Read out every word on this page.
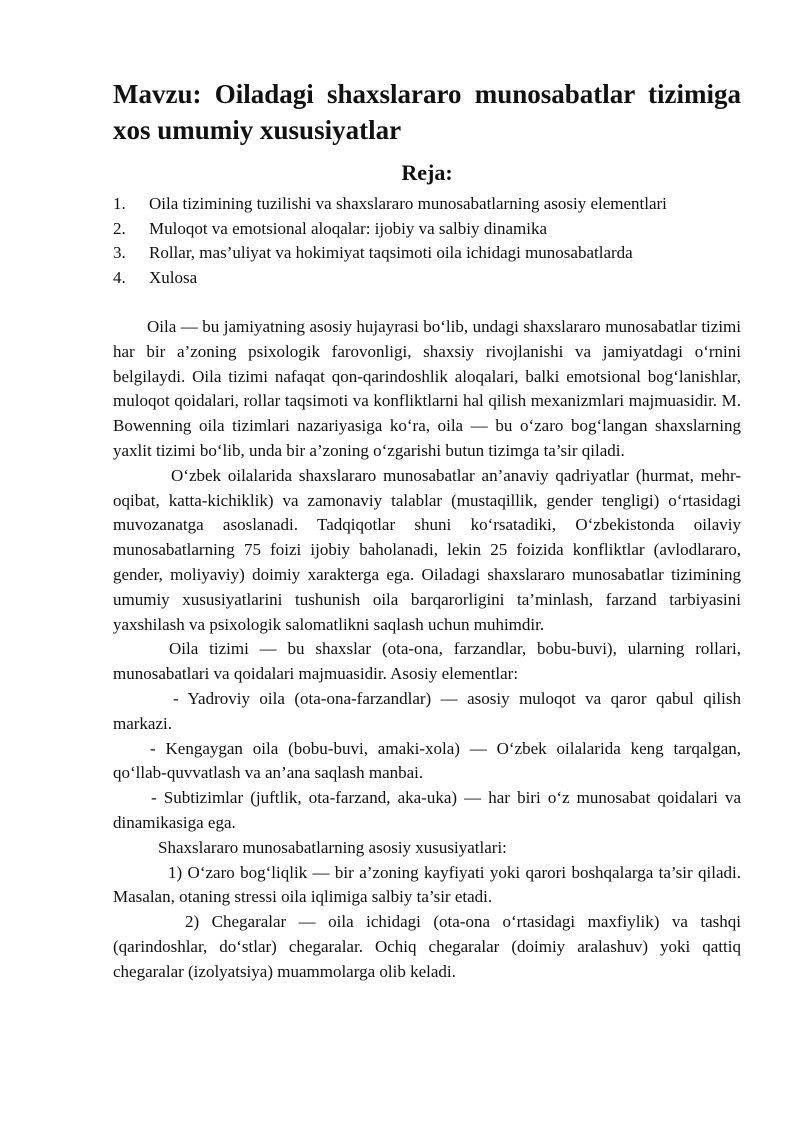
Mavzu: Oiladagi shaxslararo munosabatlar tizimiga xos umumiy xususiyatlar
Reja:
1. Oila tizimining tuzilishi va shaxslararo munosabatlarning asosiy elementlari
2. Muloqot va emotsional aloqalar: ijobiy va salbiy dinamika
3. Rollar, mas’uliyat va hokimiyat taqsimoti oila ichidagi munosabatlarda
4. Xulosa

Oila — bu jamiyatning asosiy hujayrasi bo‘lib, undagi shaxslararo munosabatlar tizimi har bir a’zoning psixologik farovonligi, shaxsiy rivojlanishi va jamiyatdagi o‘rnini belgilaydi. Oila tizimi nafaqat qon-qarindoshlik aloqalari, balki emotsional bog‘lanishlar, muloqot qoidalari, rollar taqsimoti va konfliktlarni hal qilish mexanizmlari majmuasidir. M. Bowenning oila tizimlari nazariyasiga ko‘ra, oila — bu o‘zaro bog‘langan shaxslarning yaxlit tizimi bo‘lib, unda bir a’zoning o‘zgarishi butun tizimga ta’sir qiladi.

O‘zbek oilalarida shaxslararo munosabatlar an’anaviy qadriyatlar (hurmat, mehr-oqibat, katta-kichiklik) va zamonaviy talablar (mustaqillik, gender tengligi) o‘rtasidagi muvozanatga asoslanadi. Tadqiqotlar shuni ko‘rsatadiki, O‘zbekistonda oilaviy munosabatlarning 75 foizi ijobiy baholanadi, lekin 25 foizida konfliktlar (avlodlararo, gender, moliyaviy) doimiy xarakterga ega. Oiladagi shaxslararo munosabatlar tizimining umumiy xususiyatlarini tushunish oila barqarorligini ta’minlash, farzand tarbiyasini yaxshilash va psixologik salomatlikni saqlash uchun muhimdir.

Oila tizimi — bu shaxslar (ota-ona, farzandlar, bobu-buvi), ularning rollari, munosabatlari va qoidalari majmuasidir. Asosiy elementlar:

- Yadroviy oila (ota-ona-farzandlar) — asosiy muloqot va qaror qabul qilish markazi.

- Kengaygan oila (bobu-buvi, amaki-xola) — O‘zbek oilalarida keng tarqalgan, qo‘llab-quvvatlash va an’ana saqlash manbai.

- Subtizimlar (juftlik, ota-farzand, aka-uka) — har biri o‘z munosabat qoidalari va dinamikasiga ega.

Shaxslararo munosabatlarning asosiy xususiyatlari:

1) O‘zaro bog‘liqlik — bir a’zoning kayfiyati yoki qarori boshqalarga ta’sir qiladi. Masalan, otaning stressi oila iqlimiga salbiy ta’sir etadi.

2) Chegaralar — oila ichidagi (ota-ona o‘rtasidagi maxfiylik) va tashqi (qarindoshlar, do‘stlar) chegaralar. Ochiq chegaralar (doimiy aralashuv) yoki qattiq chegaralar (izolyatsiya) muammolarga olib keladi.
